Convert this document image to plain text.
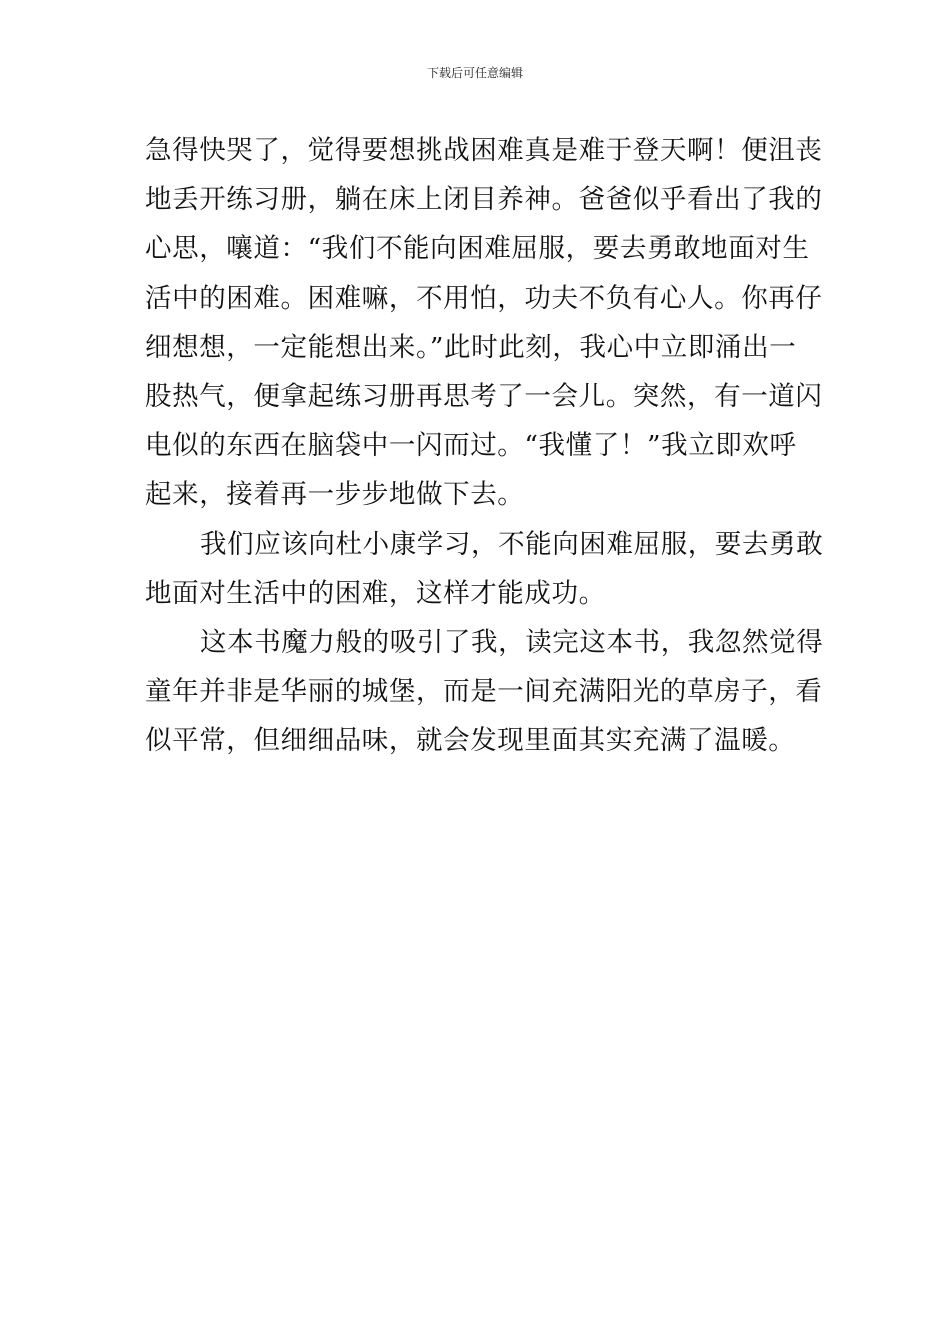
下载后可任意编辑
急得快哭了，觉得要想挑战困难真是难于登天啊！便沮丧
地丢开练习册，躺在床上闭目养神。爸爸似乎看出了我的
心思，嚷道：“我们不能向困难屈服，要去勇敢地面对生
活中的困难。困难嘛，不用怕，功夫不负有心人。你再仔
细想想，一定能想出来。”此时此刻，我心中立即涌出一
股热气，便拿起练习册再思考了一会儿。突然，有一道闪
电似的东西在脑袋中一闪而过。“我懂了！”我立即欢呼
起来，接着再一步步地做下去。
我们应该向杜小康学习，不能向困难屈服，要去勇敢
地面对生活中的困难，这样才能成功。
这本书魔力般的吸引了我，读完这本书，我忽然觉得
童年并非是华丽的城堡，而是一间充满阳光的草房子，看
似平常，但细细品味，就会发现里面其实充满了温暖。
